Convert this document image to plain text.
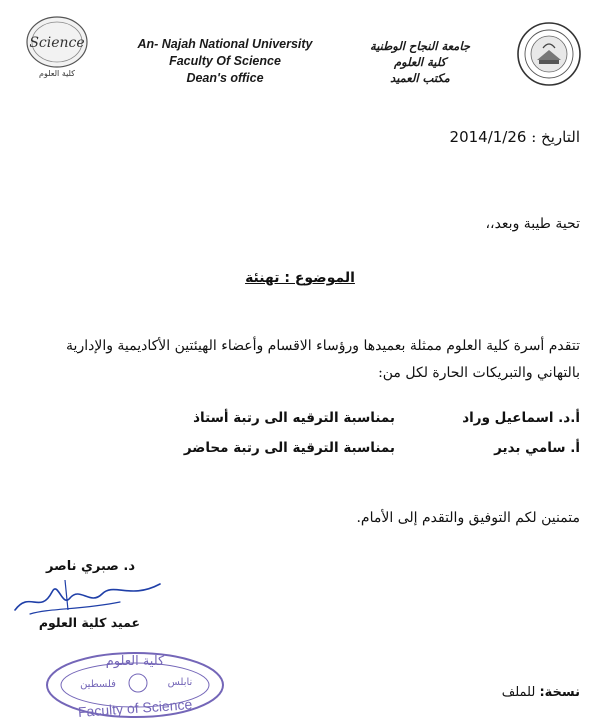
Science
كلية العلوم
An- Najah National University
Faculty Of Science
Dean's office
جامعة النجاح الوطنية
كلية العلوم
مكتب العميد
التاريخ : 2014/1/26
تحية طيبة وبعد،،
الموضوع : تهنئة
تتقدم أسرة كلية العلوم ممثلة بعميدها ورؤساء الاقسام وأعضاء الهيئتين الأكاديمية والإدارية بالتهاني والتبريكات الحارة لكل من:
أ.د. اسماعيل وراد
بمناسبة الترقيه الى رتبة أستاذ
أ. سامي بدير
بمناسبة الترقية الى رتبة محاضر
متمنين لكم التوفيق والتقدم إلى الأمام.
د. صبري ناصر
عميد كلية العلوم
كلية العلوم
فلسطين	نابلس
Faculty of Science
نسخة: للملف
